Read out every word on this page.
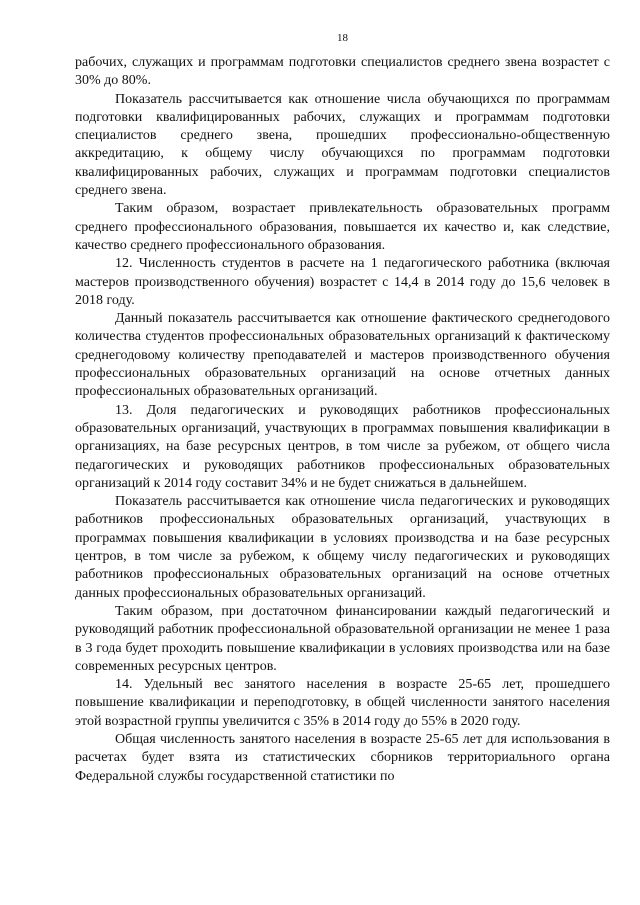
18

рабочих, служащих и программам подготовки специалистов среднего звена возрастет с 30% до 80%.

Показатель рассчитывается как отношение числа обучающихся по программам подготовки квалифицированных рабочих, служащих и программам подготовки специалистов среднего звена, прошедших профессионально-общественную аккредитацию, к общему числу обучающихся по программам подготовки квалифицированных рабочих, служащих и программам подготовки специалистов среднего звена.

Таким образом, возрастает привлекательность образовательных программ среднего профессионального образования, повышается их качество и, как следствие, качество среднего профессионального образования.

12. Численность студентов в расчете на 1 педагогического работника (включая мастеров производственного обучения) возрастет с 14,4 в 2014 году до 15,6 человек в 2018 году.

Данный показатель рассчитывается как отношение фактического среднегодового количества студентов профессиональных образовательных организаций к фактическому среднегодовому количеству преподавателей и мастеров производственного обучения профессиональных образовательных организаций на основе отчетных данных профессиональных образовательных организаций.

13. Доля педагогических и руководящих работников профессиональных образовательных организаций, участвующих в программах повышения квалификации в организациях, на базе ресурсных центров, в том числе за рубежом, от общего числа педагогических и руководящих работников профессиональных образовательных организаций к 2014 году составит 34% и не будет снижаться в дальнейшем.

Показатель рассчитывается как отношение числа педагогических и руководящих работников профессиональных образовательных организаций, участвующих в программах повышения квалификации в условиях производства и на базе ресурсных центров, в том числе за рубежом, к общему числу педагогических и руководящих работников профессиональных образовательных организаций на основе отчетных данных профессиональных образовательных организаций.

Таким образом, при достаточном финансировании каждый педагогический и руководящий работник профессиональной образовательной организации не менее 1 раза в 3 года будет проходить повышение квалификации в условиях производства или на базе современных ресурсных центров.

14. Удельный вес занятого населения в возрасте 25-65 лет, прошедшего повышение квалификации и переподготовку, в общей численности занятого населения этой возрастной группы увеличится с 35% в 2014 году до 55% в 2020 году.

Общая численность занятого населения в возрасте 25-65 лет для использования в расчетах будет взята из статистических сборников территориального органа Федеральной службы государственной статистики по
